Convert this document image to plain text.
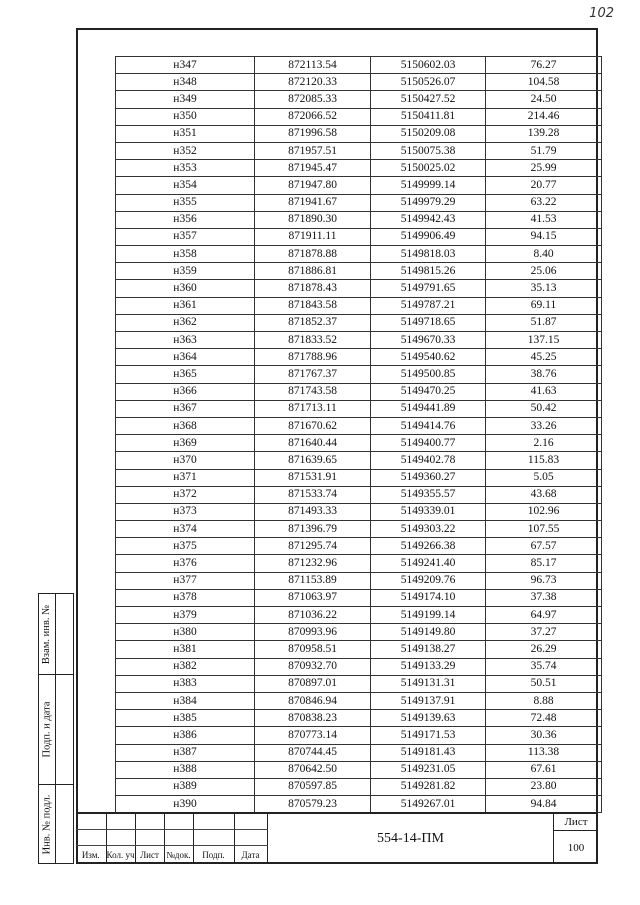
102
н347	872113.54	5150602.03	76.27
н348	872120.33	5150526.07	104.58
н349	872085.33	5150427.52	24.50
н350	872066.52	5150411.81	214.46
н351	871996.58	5150209.08	139.28
н352	871957.51	5150075.38	51.79
н353	871945.47	5150025.02	25.99
н354	871947.80	5149999.14	20.77
н355	871941.67	5149979.29	63.22
н356	871890.30	5149942.43	41.53
н357	871911.11	5149906.49	94.15
н358	871878.88	5149818.03	8.40
н359	871886.81	5149815.26	25.06
н360	871878.43	5149791.65	35.13
н361	871843.58	5149787.21	69.11
н362	871852.37	5149718.65	51.87
н363	871833.52	5149670.33	137.15
н364	871788.96	5149540.62	45.25
н365	871767.37	5149500.85	38.76
н366	871743.58	5149470.25	41.63
н367	871713.11	5149441.89	50.42
н368	871670.62	5149414.76	33.26
н369	871640.44	5149400.77	2.16
н370	871639.65	5149402.78	115.83
н371	871531.91	5149360.27	5.05
н372	871533.74	5149355.57	43.68
н373	871493.33	5149339.01	102.96
н374	871396.79	5149303.22	107.55
н375	871295.74	5149266.38	67.57
н376	871232.96	5149241.40	85.17
н377	871153.89	5149209.76	96.73
н378	871063.97	5149174.10	37.38
н379	871036.22	5149199.14	64.97
н380	870993.96	5149149.80	37.27
н381	870958.51	5149138.27	26.29
н382	870932.70	5149133.29	35.74
н383	870897.01	5149131.31	50.51
н384	870846.94	5149137.91	8.88
н385	870838.23	5149139.63	72.48
н386	870773.14	5149171.53	30.36
н387	870744.45	5149181.43	113.38
н388	870642.50	5149231.05	67.61
н389	870597.85	5149281.82	23.80
н390	870579.23	5149267.01	94.84
Взам. инв. №
Подп. и дата
Инв. № подл.

Изм.	Кол. уч	Лист	№док.	Подп.	Дата
554-14-ПМ
Лист
100
